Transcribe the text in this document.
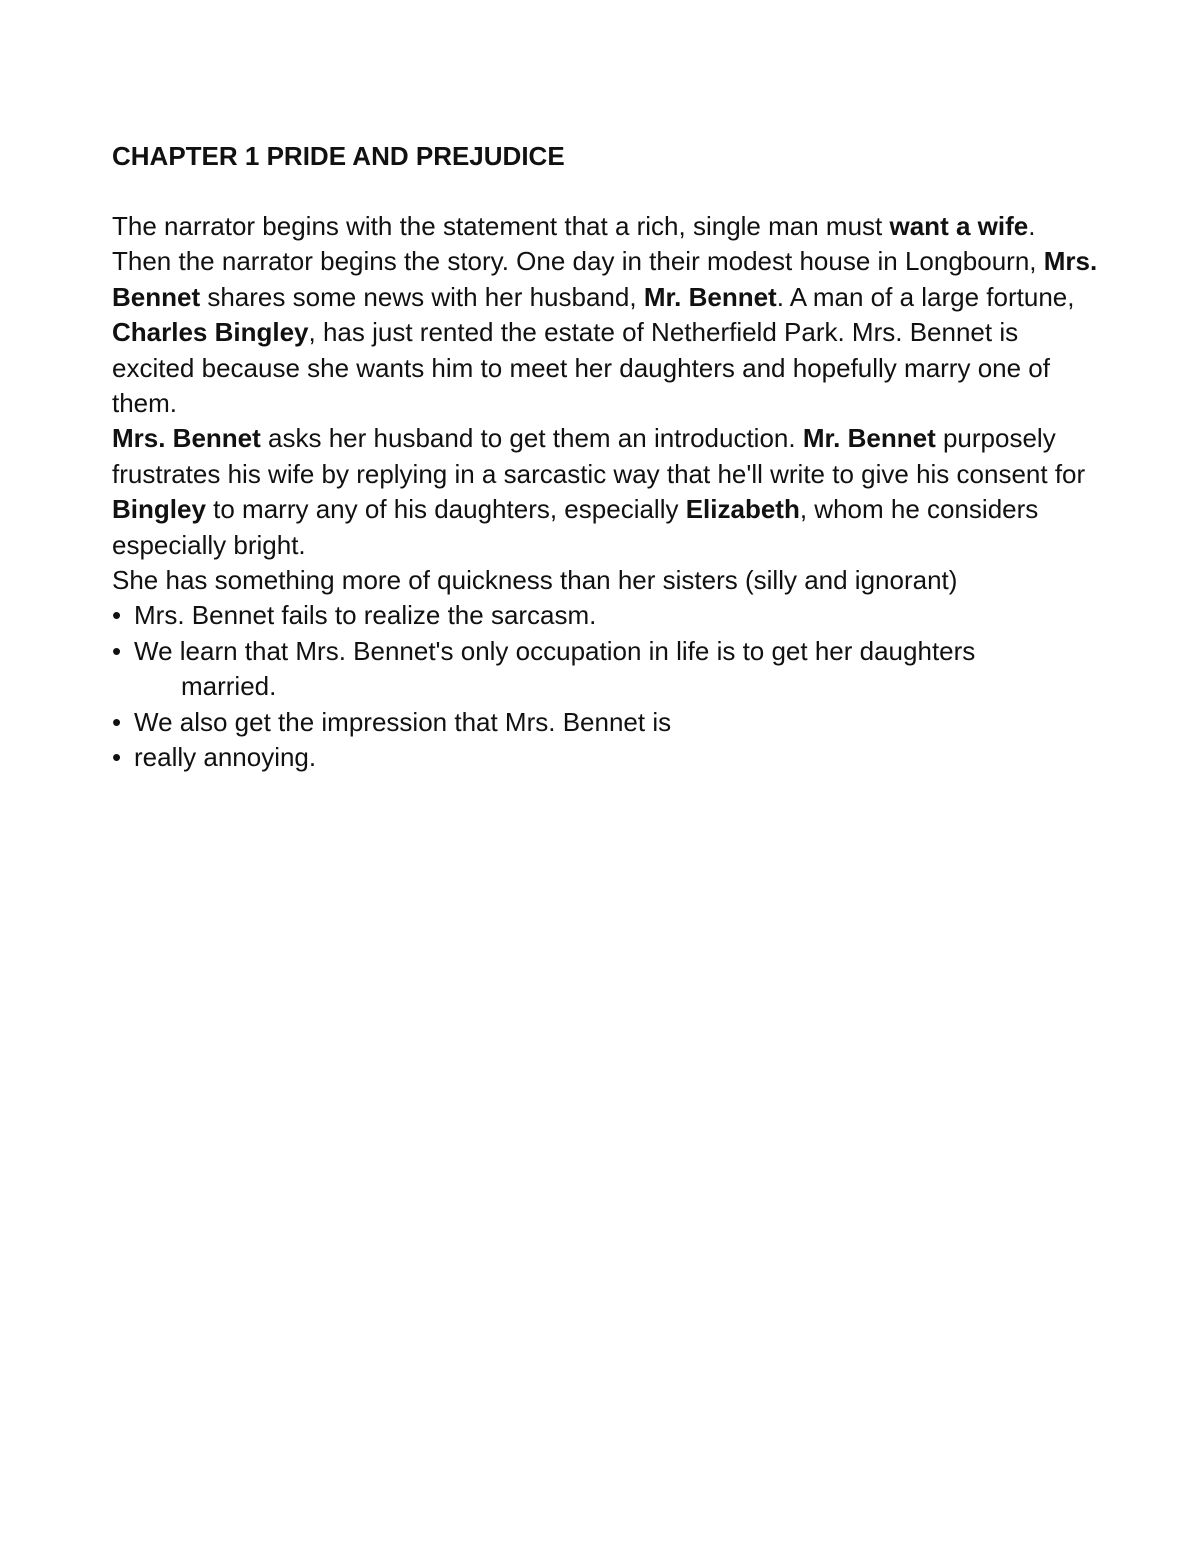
CHAPTER 1 PRIDE AND PREJUDICE

The narrator begins with the statement that a rich, single man must want a wife.

Then the narrator begins the story. One day in their modest house in Longbourn, Mrs. Bennet shares some news with her husband, Mr. Bennet. A man of a large fortune, Charles Bingley, has just rented the estate of Netherfield Park. Mrs. Bennet is excited because she wants him to meet her daughters and hopefully marry one of them.

Mrs. Bennet asks her husband to get them an introduction. Mr. Bennet purposely frustrates his wife by replying in a sarcastic way that he'll write to give his consent for Bingley to marry any of his daughters, especially Elizabeth, whom he considers especially bright.

She has something more of quickness than her sisters (silly and ignorant)

• Mrs. Bennet fails to realize the sarcasm.
• We learn that Mrs. Bennet's only occupation in life is to get her daughters
married.
• We also get the impression that Mrs. Bennet is
• really annoying.
